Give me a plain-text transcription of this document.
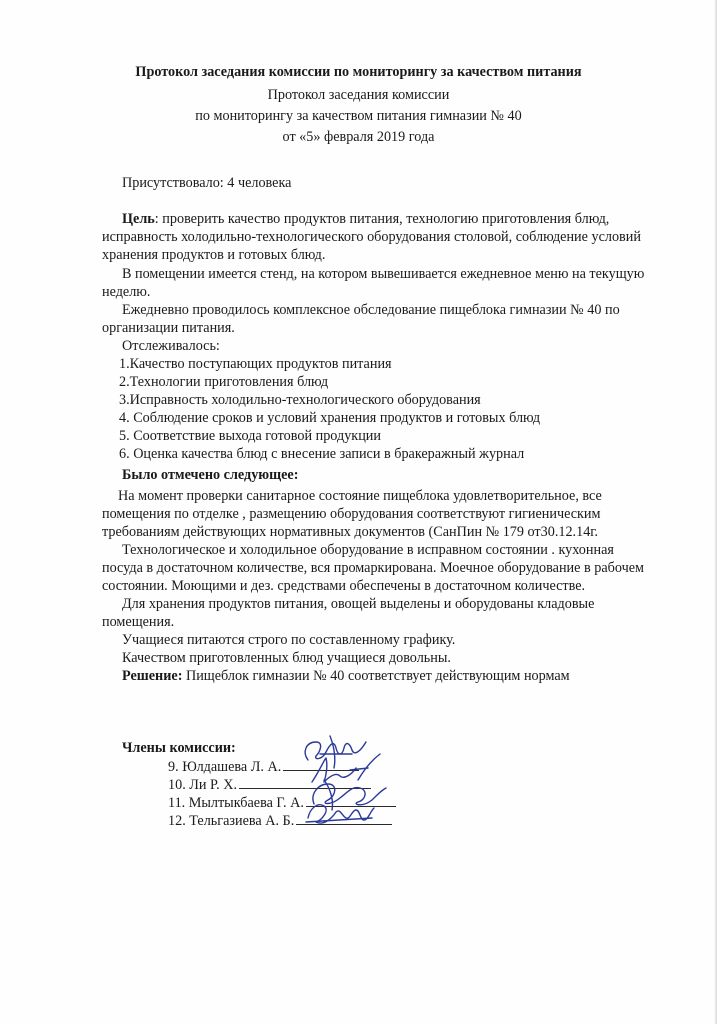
Протокол заседания комиссии по мониторингу за качеством питания
Протокол заседания комиссии
по мониторингу за качеством питания гимназии № 40
от «5» февраля 2019 года
Присутствовало: 4 человека
Цель: проверить качество продуктов питания, технологию приготовления блюд,
исправность холодильно-технологического оборудования столовой, соблюдение условий
хранения продуктов и готовых блюд.
В помещении имеется стенд, на котором вывешивается ежедневное меню на текущую
неделю.
Ежедневно проводилось комплексное обследование пищеблока гимназии № 40 по
организации питания.
Отслеживалось:
1.Качество поступающих продуктов питания
2.Технологии приготовления блюд
3.Исправность холодильно-технологического оборудования
4. Соблюдение сроков и условий хранения продуктов и готовых блюд
5. Соответствие выхода готовой продукции
6. Оценка качества блюд с внесение записи в бракеражный журнал
Было отмечено следующее:
На момент проверки санитарное состояние пищеблока удовлетворительное, все
помещения по отделке , размещению оборудования соответствуют гигиеническим
требованиям действующих нормативных документов (СанПин № 179 от30.12.14г.
Технологическое и холодильное оборудование в исправном состоянии . кухонная
посуда в достаточном количестве, вся промаркирована. Моечное оборудование в рабочем
состоянии. Моющими и дез. средствами обеспечены в достаточном количестве.
Для хранения продуктов питания, овощей выделены и оборудованы кладовые
помещения.
Учащиеся питаются строго по составленному графику.
Качеством приготовленных блюд учащиеся довольны.
Решение: Пищеблок гимназии № 40 соответствует действующим нормам
Члены комиссии:
9. Юлдашева Л. А.
10. Ли Р. Х.
11. Мылтыкбаева Г. А.
12. Тельгазиева А. Б.
